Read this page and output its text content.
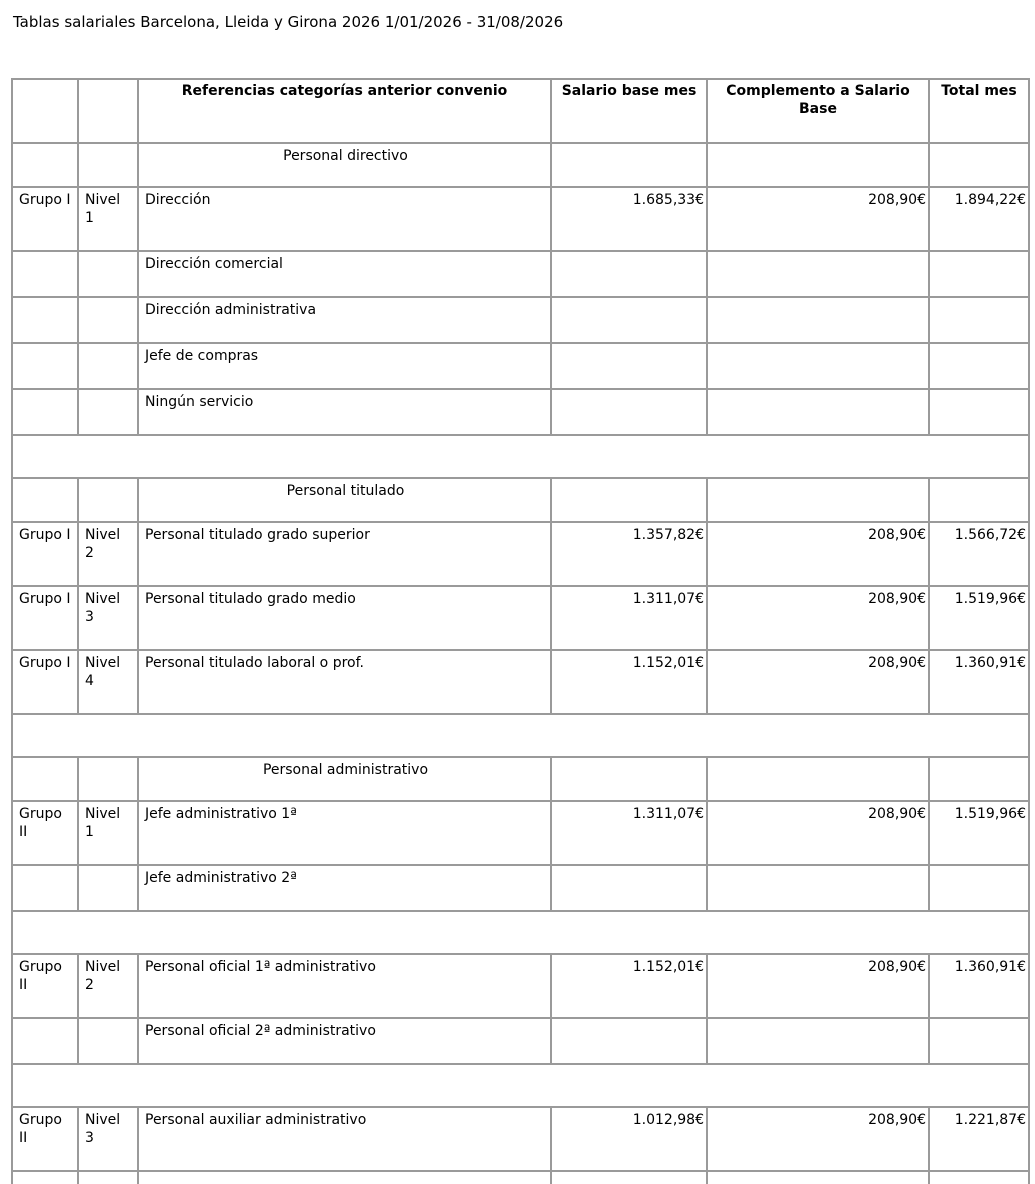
Tablas salariales Barcelona, Lleida y Girona 2026 1/01/2026 - 31/08/2026
		Referencias categorías anterior convenio	Salario base mes	Complemento a Salario Base	Total mes
		Personal directivo			
Grupo I	Nivel 1	Dirección	1.685,33€	208,90€	1.894,22€
		Dirección comercial			
		Dirección administrativa			
		Jefe de compras			
		Ningún servicio			

		Personal titulado			
Grupo I	Nivel 2	Personal titulado grado superior	1.357,82€	208,90€	1.566,72€
Grupo I	Nivel 3	Personal titulado grado medio	1.311,07€	208,90€	1.519,96€
Grupo I	Nivel 4	Personal titulado laboral o prof.	1.152,01€	208,90€	1.360,91€

		Personal administrativo			
Grupo II	Nivel 1	Jefe administrativo 1ª	1.311,07€	208,90€	1.519,96€
		Jefe administrativo 2ª			

Grupo II	Nivel 2	Personal oficial 1ª administrativo	1.152,01€	208,90€	1.360,91€
		Personal oficial 2ª administrativo			

Grupo II	Nivel 3	Personal auxiliar administrativo	1.012,98€	208,90€	1.221,87€
